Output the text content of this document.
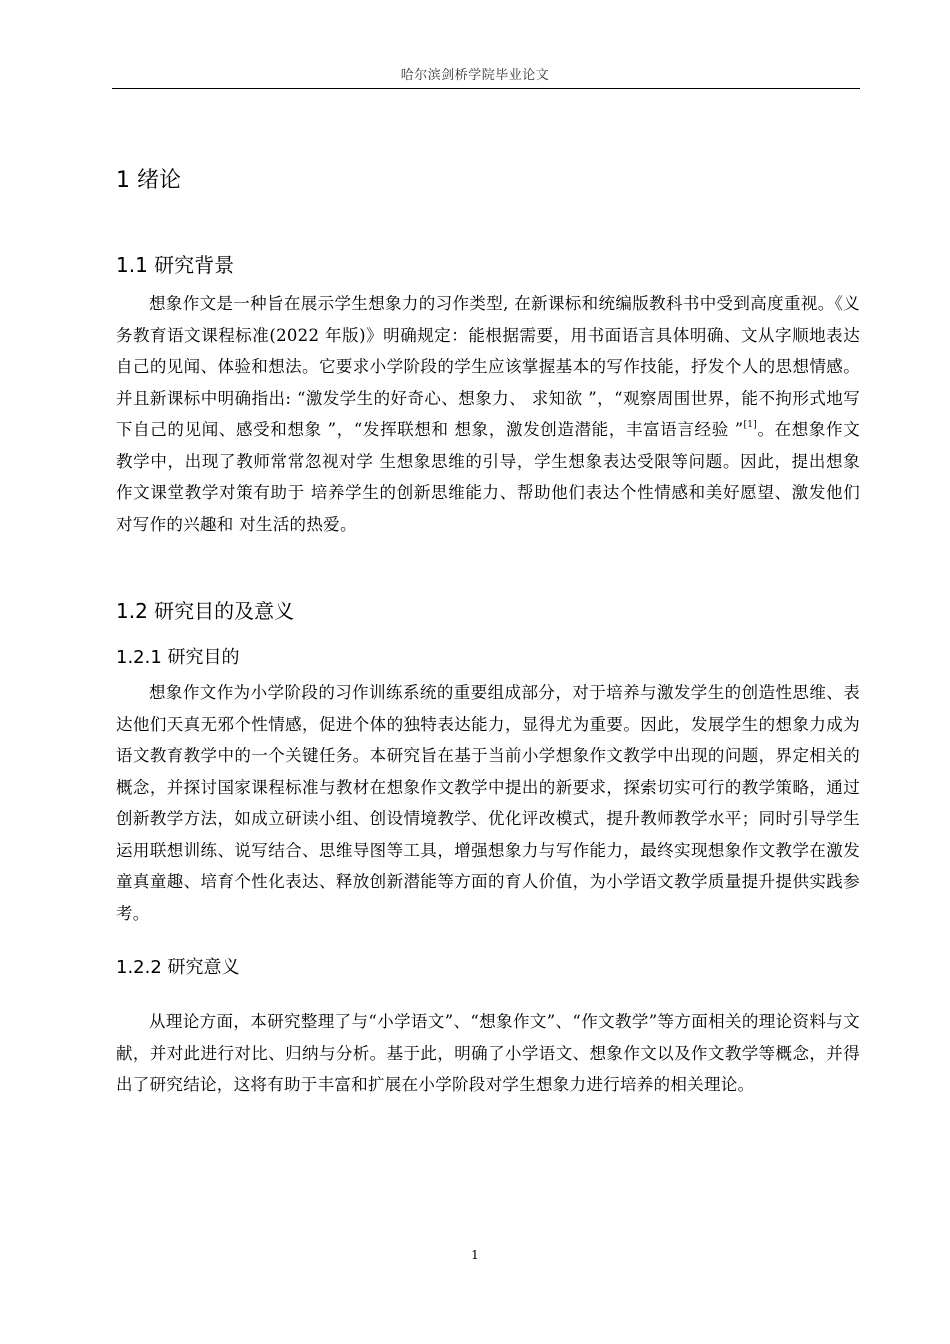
哈尔滨剑桥学院毕业论文
1 绪论
1.1 研究背景

想象作文是一种旨在展示学生想象力的习作类型, 在新课标和统编版教科书中受到高度重视。《义务教育语文课程标准(2022 年版)》明确规定：能根据需要，用书面语言具体明确、文从字顺地表达自己的见闻、体验和想法。它要求小学阶段的学生应该掌握基本的写作技能，抒发个人的思想情感。并且新课标中明确指出: “激发学生的好奇心、想象力、 求知欲 ”，“观察周围世界，能不拘形式地写下自己的见闻、感受和想象 ”，“发挥联想和 想象，激发创造潜能，丰富语言经验 ”[1]。在想象作文教学中，出现了教师常常忽视对学 生想象思维的引导，学生想象表达受限等问题。因此，提出想象作文课堂教学对策有助于 培养学生的创新思维能力、帮助他们表达个性情感和美好愿望、激发他们对写作的兴趣和 对生活的热爱。

1.2 研究目的及意义
1.2.1 研究目的

想象作文作为小学阶段的习作训练系统的重要组成部分，对于培养与激发学生的创造性思维、表达他们天真无邪个性情感，促进个体的独特表达能力，显得尤为重要。因此，发展学生的想象力成为语文教育教学中的一个关键任务。本研究旨在基于当前小学想象作文教学中出现的问题，界定相关的概念，并探讨国家课程标准与教材在想象作文教学中提出的新要求，探索切实可行的教学策略，通过创新教学方法，如成立研读小组、创设情境教学、优化评改模式，提升教师教学水平；同时引导学生运用联想训练、说写结合、思维导图等工具，增强想象力与写作能力，最终实现想象作文教学在激发童真童趣、培育个性化表达、释放创新潜能等方面的育人价值，为小学语文教学质量提升提供实践参考。

1.2.2 研究意义

从理论方面，本研究整理了与“小学语文”、“想象作文”、“作文教学”等方面相关的理论资料与文献，并对此进行对比、归纳与分析。基于此，明确了小学语文、想象作文以及作文教学等概念，并得出了研究结论，这将有助于丰富和扩展在小学阶段对学生想象力进行培养的相关理论。

1
